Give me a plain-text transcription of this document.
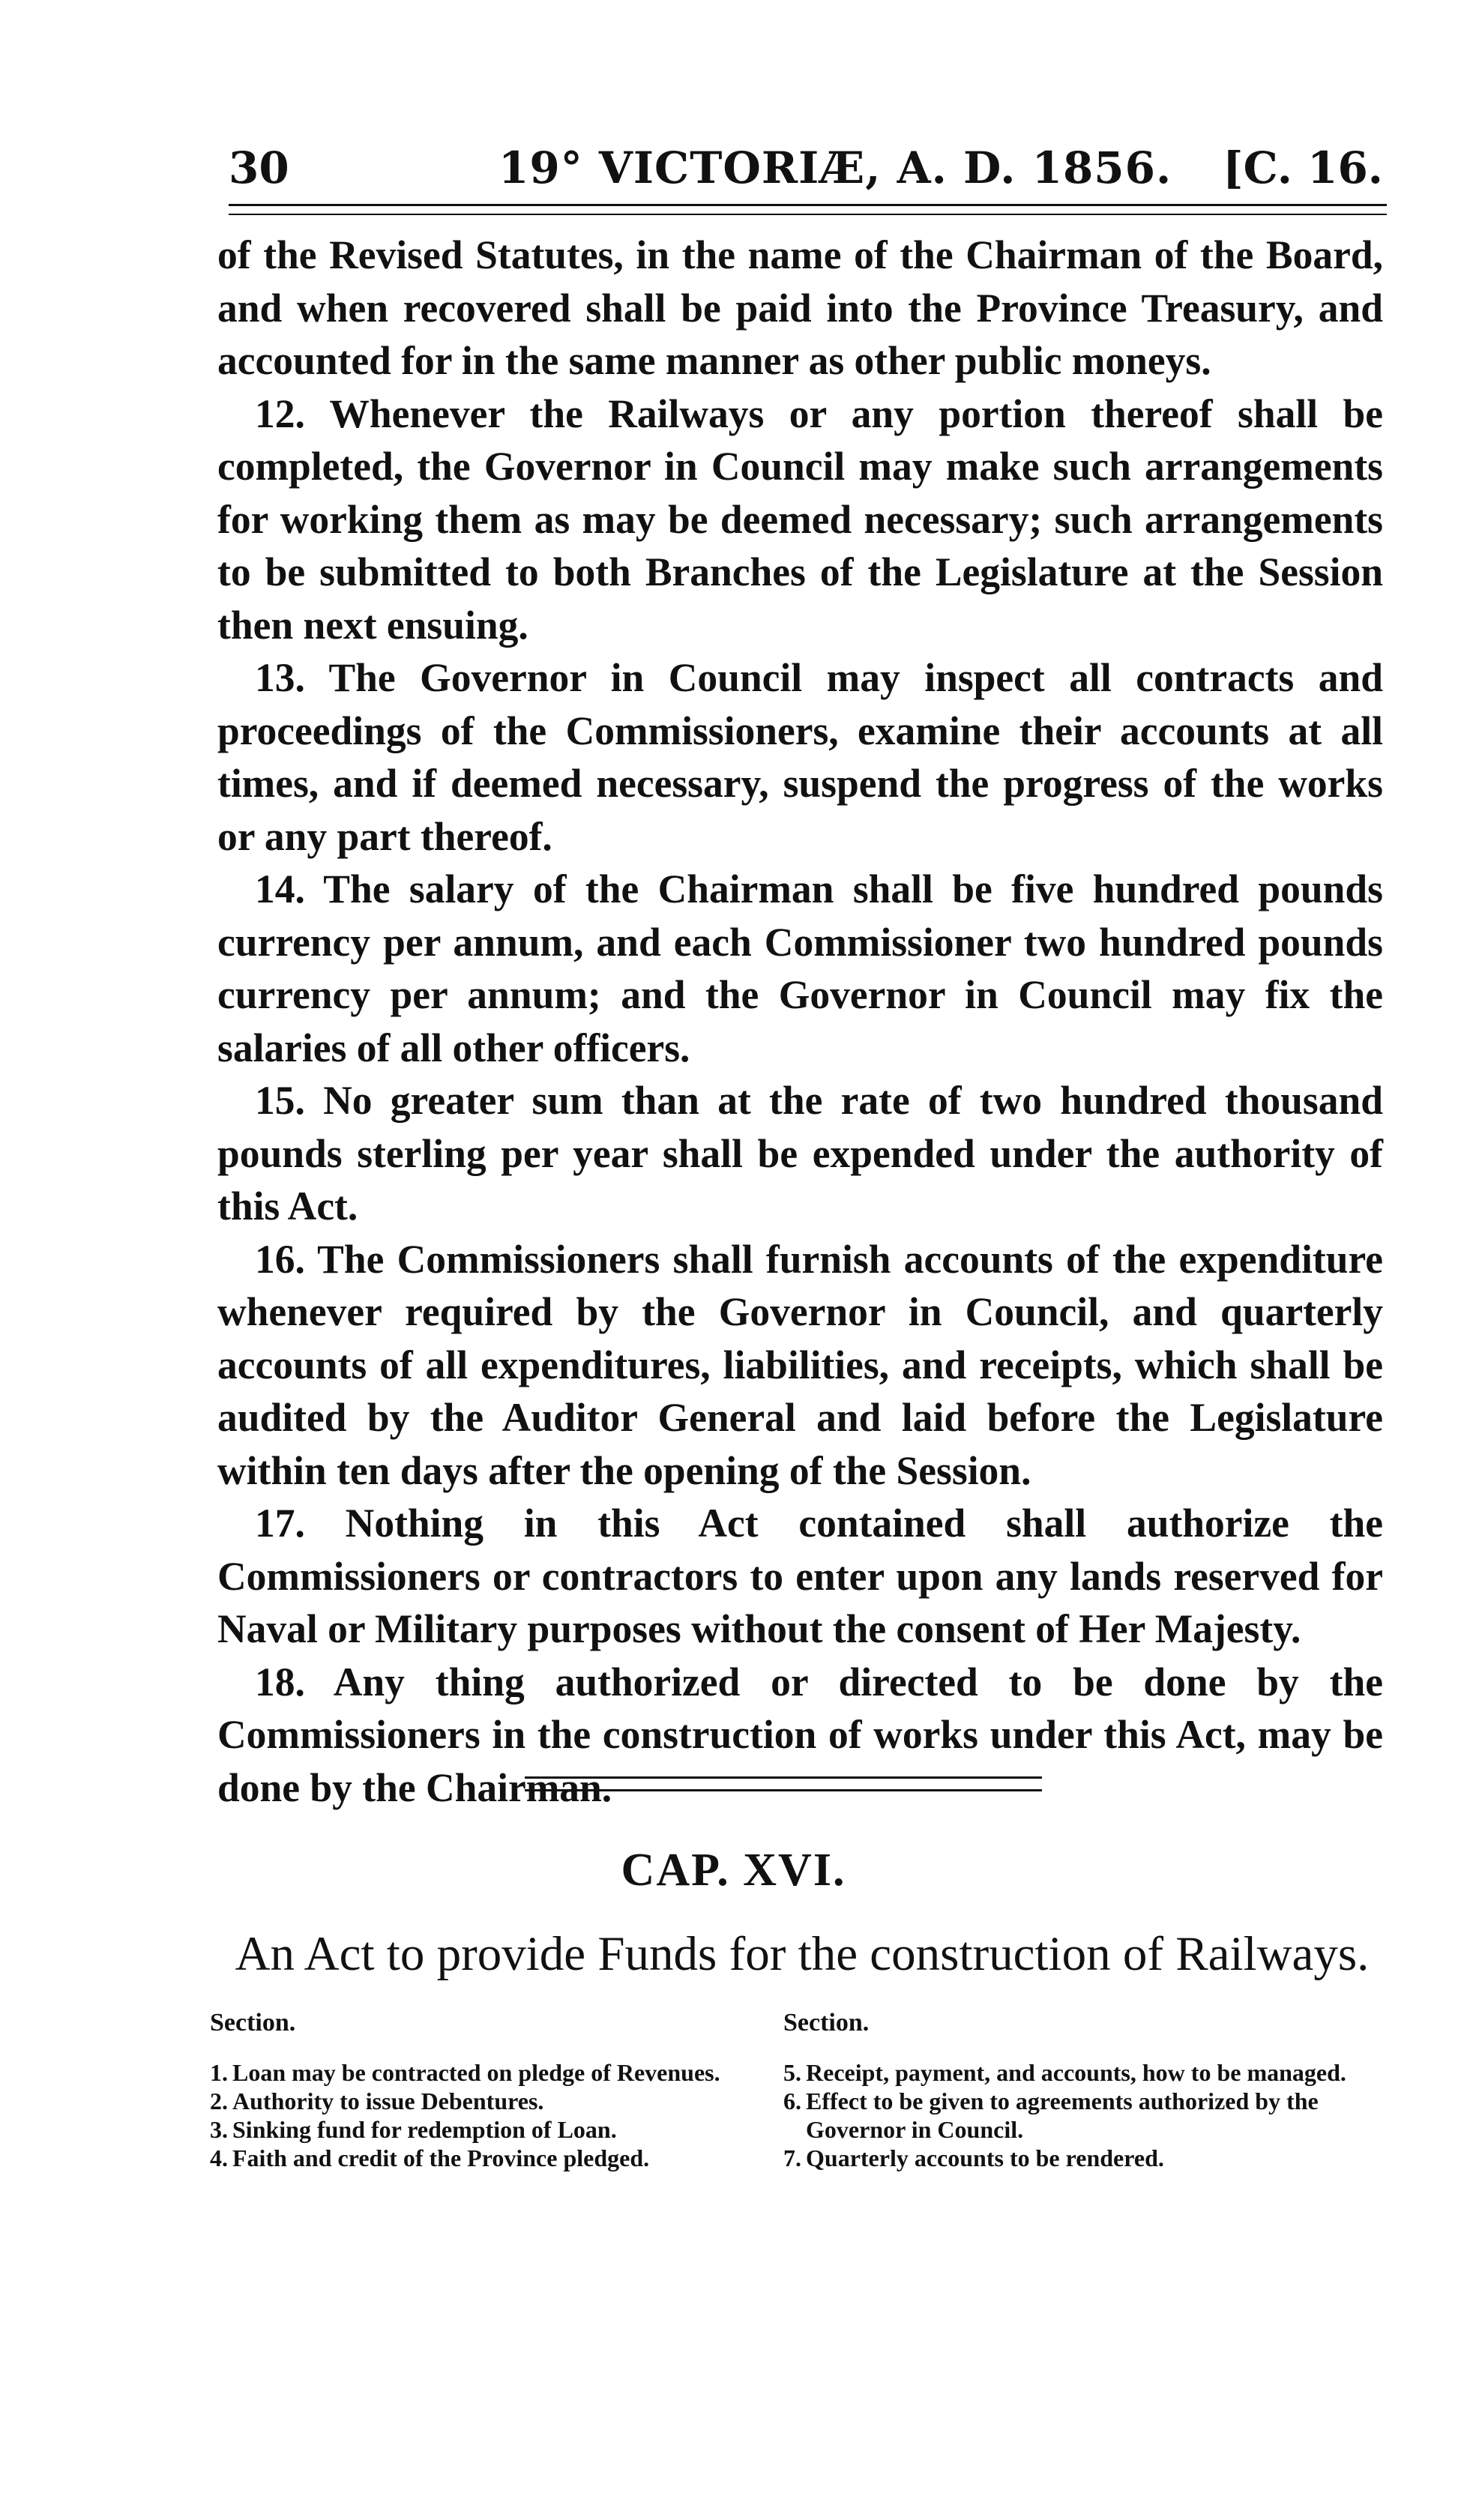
30	19° VICTORIÆ, A. D. 1856. [C. 16.

of the Revised Statutes, in the name of the Chairman of the Board, and when recovered shall be paid into the Province Treasury, and accounted for in the same manner as other public moneys.

12. Whenever the Railways or any portion thereof shall be completed, the Governor in Council may make such arrangements for working them as may be deemed necessary; such arrangements to be submitted to both Branches of the Legislature at the Session then next ensuing.

13. The Governor in Council may inspect all contracts and proceedings of the Commissioners, examine their accounts at all times, and if deemed necessary, suspend the progress of the works or any part thereof.

14. The salary of the Chairman shall be five hundred pounds currency per annum, and each Commissioner two hundred pounds currency per annum; and the Governor in Council may fix the salaries of all other officers.

15. No greater sum than at the rate of two hundred thousand pounds sterling per year shall be expended under the authority of this Act.

16. The Commissioners shall furnish accounts of the expenditure whenever required by the Governor in Council, and quarterly accounts of all expenditures, liabilities, and receipts, which shall be audited by the Auditor General and laid before the Legislature within ten days after the opening of the Session.

17. Nothing in this Act contained shall authorize the Commissioners or contractors to enter upon any lands reserved for Naval or Military purposes without the consent of Her Majesty.

18. Any thing authorized or directed to be done by the Commissioners in the construction of works under this Act, may be done by the Chairman.

CAP. XVI.
An Act to provide Funds for the construction of Railways.
Section.
1. Loan may be contracted on pledge of Revenues.
2. Authority to issue Debentures.
3. Sinking fund for redemption of Loan.
4. Faith and credit of the Province pledged.
Section.
5. Receipt, payment, and accounts, how to be managed.
6. Effect to be given to agreements authorized by the Governor in Council.
7. Quarterly accounts to be rendered.
